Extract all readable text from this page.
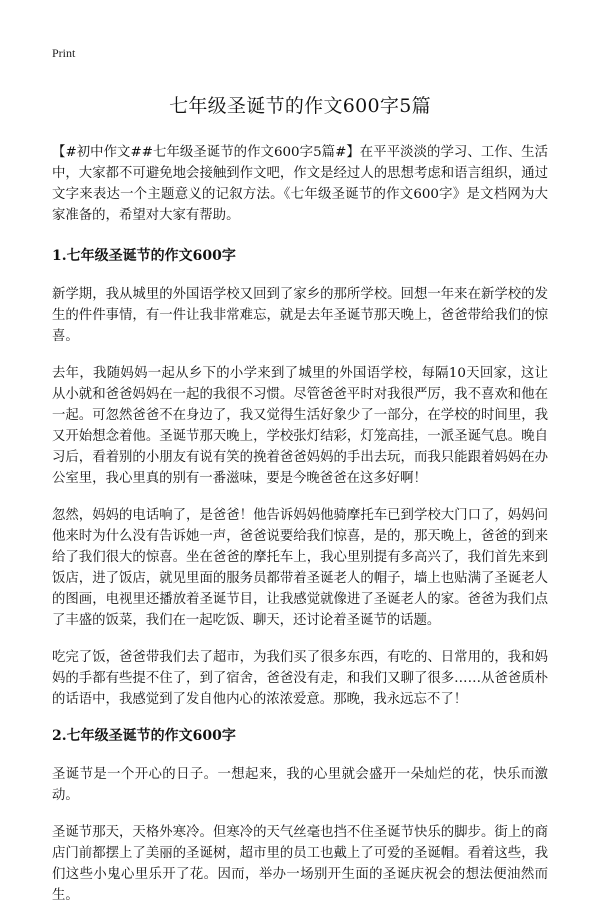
Print
七年级圣诞节的作文600字5篇

【#初中作文##七年级圣诞节的作文600字5篇#】在平平淡淡的学习、工作、生活中，大家都不可避免地会接触到作文吧，作文是经过人的思想考虑和语言组织，通过文字来表达一个主题意义的记叙方法。《七年级圣诞节的作文600字》是文档网为大家准备的，希望对大家有帮助。

1.七年级圣诞节的作文600字

新学期，我从城里的外国语学校又回到了家乡的那所学校。回想一年来在新学校的发生的件件事情，有一件让我非常难忘，就是去年圣诞节那天晚上，爸爸带给我们的惊喜。

去年，我随妈妈一起从乡下的小学来到了城里的外国语学校，每隔10天回家，这让从小就和爸爸妈妈在一起的我很不习惯。尽管爸爸平时对我很严厉，我不喜欢和他在一起。可忽然爸爸不在身边了，我又觉得生活好象少了一部分，在学校的时间里，我又开始想念着他。圣诞节那天晚上，学校张灯结彩，灯笼高挂，一派圣诞气息。晚自习后，看着别的小朋友有说有笑的挽着爸爸妈妈的手出去玩，而我只能跟着妈妈在办公室里，我心里真的别有一番滋味，要是今晚爸爸在这多好啊！

忽然，妈妈的电话响了，是爸爸！他告诉妈妈他骑摩托车已到学校大门口了，妈妈问他来时为什么没有告诉她一声，爸爸说要给我们惊喜，是的，那天晚上，爸爸的到来给了我们很大的惊喜。坐在爸爸的摩托车上，我心里别提有多高兴了，我们首先来到饭店，进了饭店，就见里面的服务员都带着圣诞老人的帽子，墙上也贴满了圣诞老人的图画，电视里还播放着圣诞节目，让我感觉就像进了圣诞老人的家。爸爸为我们点了丰盛的饭菜，我们在一起吃饭、聊天，还讨论着圣诞节的话题。

吃完了饭，爸爸带我们去了超市，为我们买了很多东西，有吃的、日常用的，我和妈妈的手都有些提不住了，到了宿舍，爸爸没有走，和我们又聊了很多……从爸爸质朴的话语中，我感觉到了发自他内心的浓浓爱意。那晚，我永远忘不了！

2.七年级圣诞节的作文600字

圣诞节是一个开心的日子。一想起来，我的心里就会盛开一朵灿烂的花，快乐而激动。

圣诞节那天，天格外寒冷。但寒冷的天气丝毫也挡不住圣诞节快乐的脚步。街上的商店门前都摆上了美丽的圣诞树，超市里的员工也戴上了可爱的圣诞帽。看着这些，我们这些小鬼心里乐开了花。因而，举办一场别开生面的圣诞庆祝会的想法便油然而生。
